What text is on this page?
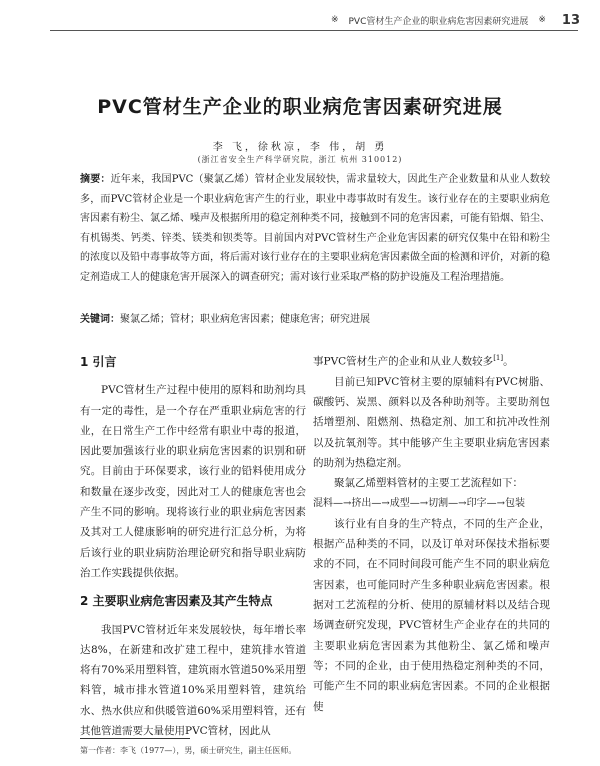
※ PVC管材生产企业的职业病危害因素研究进展 ※ 13
PVC管材生产企业的职业病危害因素研究进展
李 飞，徐秋凉，李 伟，胡 勇
(浙江省安全生产科学研究院，浙江 杭州 310012)
摘要：近年来，我国PVC（聚氯乙烯）管材企业发展较快，需求量较大，因此生产企业数量和从业人数较多，而PVC管材企业是一个职业病危害产生的行业，职业中毒事故时有发生。该行业存在的主要职业病危害因素有粉尘、氯乙烯、噪声及根据所用的稳定剂种类不同，接触到不同的危害因素，可能有铅烟、铅尘、有机锡类、钙类、锌类、镁类和钡类等。目前国内对PVC管材生产企业危害因素的研究仅集中在铅和粉尘的浓度以及铅中毒事故等方面，将后需对该行业存在的主要职业病危害因素做全面的检测和评价，对新的稳定剂造成工人的健康危害开展深入的调查研究；需对该行业采取严格的防护设施及工程治理措施。
关键词：聚氯乙烯；管材；职业病危害因素；健康危害；研究进展
1 引言

PVC管材生产过程中使用的原料和助剂均具有一定的毒性，是一个存在严重职业病危害的行业，在日常生产工作中经常有职业中毒的报道，因此要加强该行业的职业病危害因素的识别和研究。目前由于环保要求，该行业的铅料使用成分和数量在逐步改变，因此对工人的健康危害也会产生不同的影响。现将该行业的职业病危害因素及其对工人健康影响的研究进行汇总分析，为将后该行业的职业病防治理论研究和指导职业病防治工作实践提供依据。

2 主要职业病危害因素及其产生特点

我国PVC管材近年来发展较快，每年增长率达8%，在新建和改扩建工程中，建筑排水管道将有70%采用塑料管，建筑雨水管道50%采用塑料管，城市排水管道10%采用塑料管，建筑给水、热水供应和供暖管道60%采用塑料管，还有其他管道需要大量使用PVC管材，因此从

事PVC管材生产的企业和从业人数较多[1]。

目前已知PVC管材主要的原辅料有PVC树脂、碳酸钙、炭黑、颜料以及各种助剂等。主要助剂包括增塑剂、阻燃剂、热稳定剂、加工和抗冲改性剂以及抗氧剂等。其中能够产生主要职业病危害因素的助剂为热稳定剂。

聚氯乙烯塑料管材的主要工艺流程如下：

混料—→挤出—→成型—→切割—→印字—→包装

该行业有自身的生产特点，不同的生产企业，根据产品种类的不同，以及订单对环保技术指标要求的不同，在不同时间段可能产生不同的职业病危害因素，也可能同时产生多种职业病危害因素。根据对工艺流程的分析、使用的原辅材料以及结合现场调查研究发现，PVC管材生产企业存在的共同的主要职业病危害因素为其他粉尘、氯乙烯和噪声等；不同的企业，由于使用热稳定剂种类的不同，可能产生不同的职业病危害因素。不同的企业根据使

第一作者：李飞（1977—），男，硕士研究生，副主任医师。
